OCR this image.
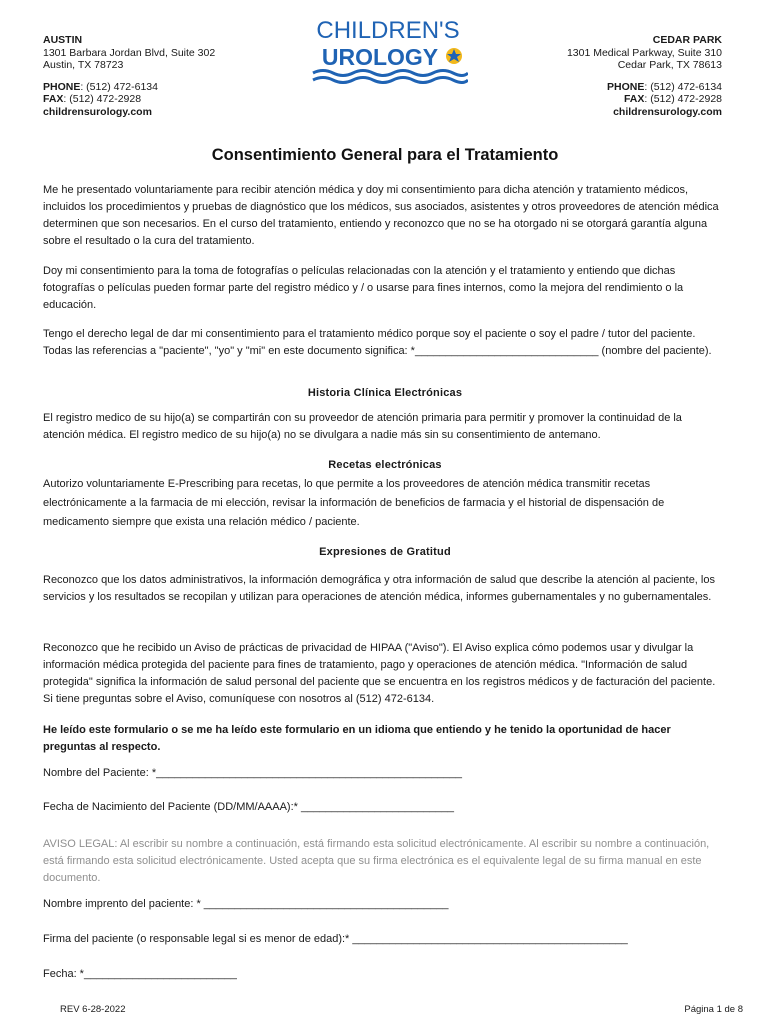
AUSTIN
1301 Barbara Jordan Blvd, Suite 302
Austin, TX 78723
PHONE: (512) 472-6134
FAX: (512) 472-2928
childrensurology.com
CHILDREN'S
UROLOGY
CEDAR PARK
1301 Medical Parkway, Suite 310
Cedar Park, TX 78613
PHONE: (512) 472-6134
FAX: (512) 472-2928
childrensurology.com
Consentimiento General para el Tratamiento
Me he presentado voluntariamente para recibir atención médica y doy mi consentimiento para dicha atención y tratamiento médicos, incluidos los procedimientos y pruebas de diagnóstico que los médicos, sus asociados, asistentes y otros proveedores de atención médica determinen que son necesarios. En el curso del tratamiento, entiendo y reconozco que no se ha otorgado ni se otorgará garantía alguna sobre el resultado o la cura del tratamiento.
Doy mi consentimiento para la toma de fotografías o películas relacionadas con la atención y el tratamiento y entiendo que dichas fotografías o películas pueden formar parte del registro médico y / o usarse para fines internos, como la mejora del rendimiento o la educación.
Tengo el derecho legal de dar mi consentimiento para el tratamiento médico porque soy el paciente o soy el padre / tutor del paciente. Todas las referencias a "paciente", "yo" y "mi" en este documento significa: *______________________________ (nombre del paciente).
Historia Clínica Electrónicas
El registro medico de su hijo(a) se compartirán con su proveedor de atención primaria para permitir y promover la continuidad de la atención médica. El registro medico de su hijo(a) no se divulgara a nadie más sin su consentimiento de antemano.
Recetas electrónicas
Autorizo voluntariamente E-Prescribing para recetas, lo que permite a los proveedores de atención médica transmitir recetas electrónicamente a la farmacia de mi elección, revisar la información de beneficios de farmacia y el historial de dispensación de medicamento siempre que exista una relación médico / paciente.
Expresiones de Gratitud
Reconozco que los datos administrativos, la información demográfica y otra información de salud que describe la atención al paciente, los servicios y los resultados se recopilan y utilizan para operaciones de atención médica, informes gubernamentales y no gubernamentales.
Reconozco que he recibido un Aviso de prácticas de privacidad de HIPAA ("Aviso"). El Aviso explica cómo podemos usar y divulgar la información médica protegida del paciente para fines de tratamiento, pago y operaciones de atención médica. "Información de salud protegida" significa la información de salud personal del paciente que se encuentra en los registros médicos y de facturación del paciente. Si tiene preguntas sobre el Aviso, comuníquese con nosotros al (512) 472-6134.
He leído este formulario o se me ha leído este formulario en un idioma que entiendo y he tenido la oportunidad de hacer preguntas al respecto.
Nombre del Paciente: *__________________________________________________
Fecha de Nacimiento del Paciente (DD/MM/AAAA):* _________________________
AVISO LEGAL: Al escribir su nombre a continuación, está firmando esta solicitud electrónicamente. Al escribir su nombre a continuación, está firmando esta solicitud electrónicamente. Usted acepta que su firma electrónica es el equivalente legal de su firma manual en este documento.
Nombre imprento del paciente: * ________________________________________
Firma del paciente (o responsable legal si es menor de edad):* _____________________________________________
Fecha: *_________________________
REV 6-28-2022	Página 1 de 8
